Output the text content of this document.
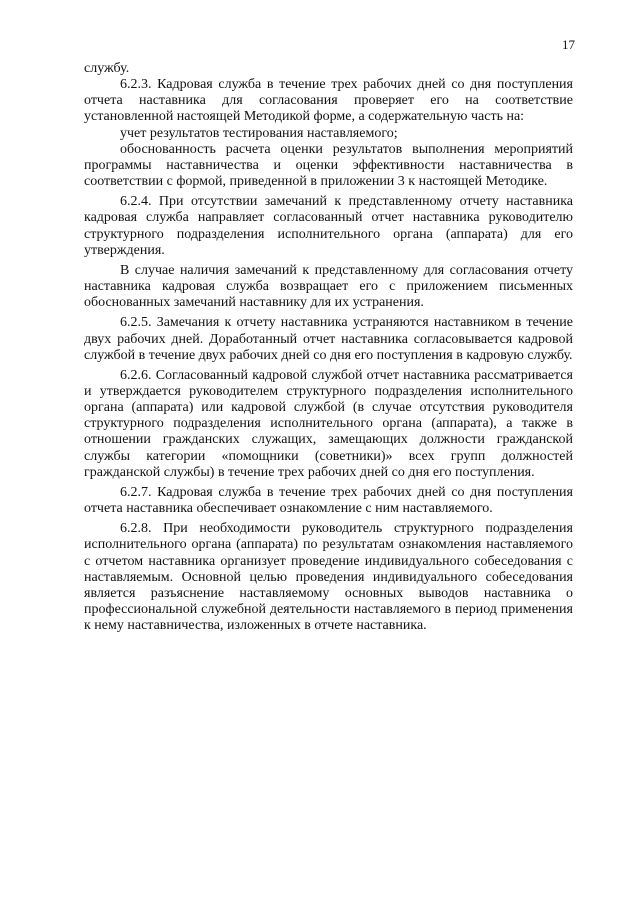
17

службу.

6.2.3. Кадровая служба в течение трех рабочих дней со дня поступления отчета наставника для согласования проверяет его на соответствие установленной настоящей Методикой форме, а содержательную часть на:

учет результатов тестирования наставляемого;

обоснованность расчета оценки результатов выполнения мероприятий программы наставничества и оценки эффективности наставничества в соответствии с формой, приведенной в приложении 3 к настоящей Методике.

6.2.4. При отсутствии замечаний к представленному отчету наставника кадровая служба направляет согласованный отчет наставника руководителю структурного подразделения исполнительного органа (аппарата) для его утверждения.

В случае наличия замечаний к представленному для согласования отчету наставника кадровая служба возвращает его с приложением письменных обоснованных замечаний наставнику для их устранения.

6.2.5. Замечания к отчету наставника устраняются наставником в течение двух рабочих дней. Доработанный отчет наставника согласовывается кадровой службой в течение двух рабочих дней со дня его поступления в кадровую службу.

6.2.6. Согласованный кадровой службой отчет наставника рассматривается и утверждается руководителем структурного подразделения исполнительного органа (аппарата) или кадровой службой (в случае отсутствия руководителя структурного подразделения исполнительного органа (аппарата), а также в отношении гражданских служащих, замещающих должности гражданской службы категории «помощники (советники)» всех групп должностей гражданской службы) в течение трех рабочих дней со дня его поступления.

6.2.7. Кадровая служба в течение трех рабочих дней со дня поступления отчета наставника обеспечивает ознакомление с ним наставляемого.

6.2.8. При необходимости руководитель структурного подразделения исполнительного органа (аппарата) по результатам ознакомления наставляемого с отчетом наставника организует проведение индивидуального собеседования с наставляемым. Основной целью проведения индивидуального собеседования является разъяснение наставляемому основных выводов наставника о профессиональной служебной деятельности наставляемого в период применения к нему наставничества, изложенных в отчете наставника.
